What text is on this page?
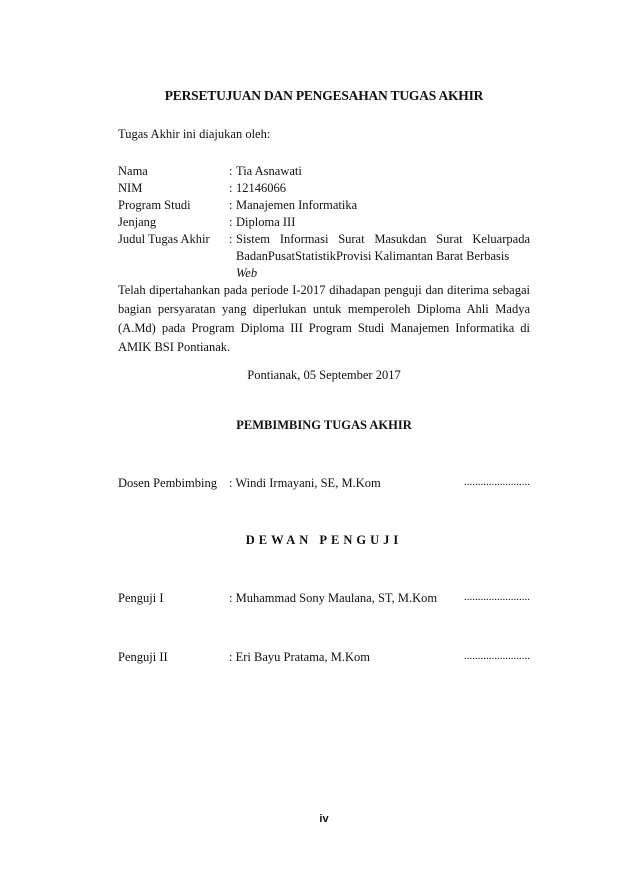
PERSETUJUAN DAN PENGESAHAN TUGAS AKHIR
Tugas Akhir ini diajukan oleh:
Nama	: Tia Asnawati
NIM	: 12146066
Program Studi	: Manajemen Informatika
Jenjang	: Diploma III
Judul Tugas Akhir	: Sistem Informasi Surat Masukdan Surat Keluarpada BadanPusatStatistikProvisi Kalimantan Barat Berbasis
Web
Telah dipertahankan pada periode I-2017 dihadapan penguji dan diterima sebagai bagian persyaratan yang diperlukan untuk memperoleh Diploma Ahli Madya (A.Md) pada Program Diploma III Program Studi Manajemen Informatika di AMIK BSI Pontianak.
Pontianak, 05 September 2017
PEMBIMBING TUGAS AKHIR
Dosen Pembimbing : Windi Irmayani, SE, M.Kom	........................
DEWAN PENGUJI
Penguji I	: Muhammad Sony Maulana, ST, M.Kom	........................
Penguji II	: Eri Bayu Pratama, M.Kom	........................
iv
